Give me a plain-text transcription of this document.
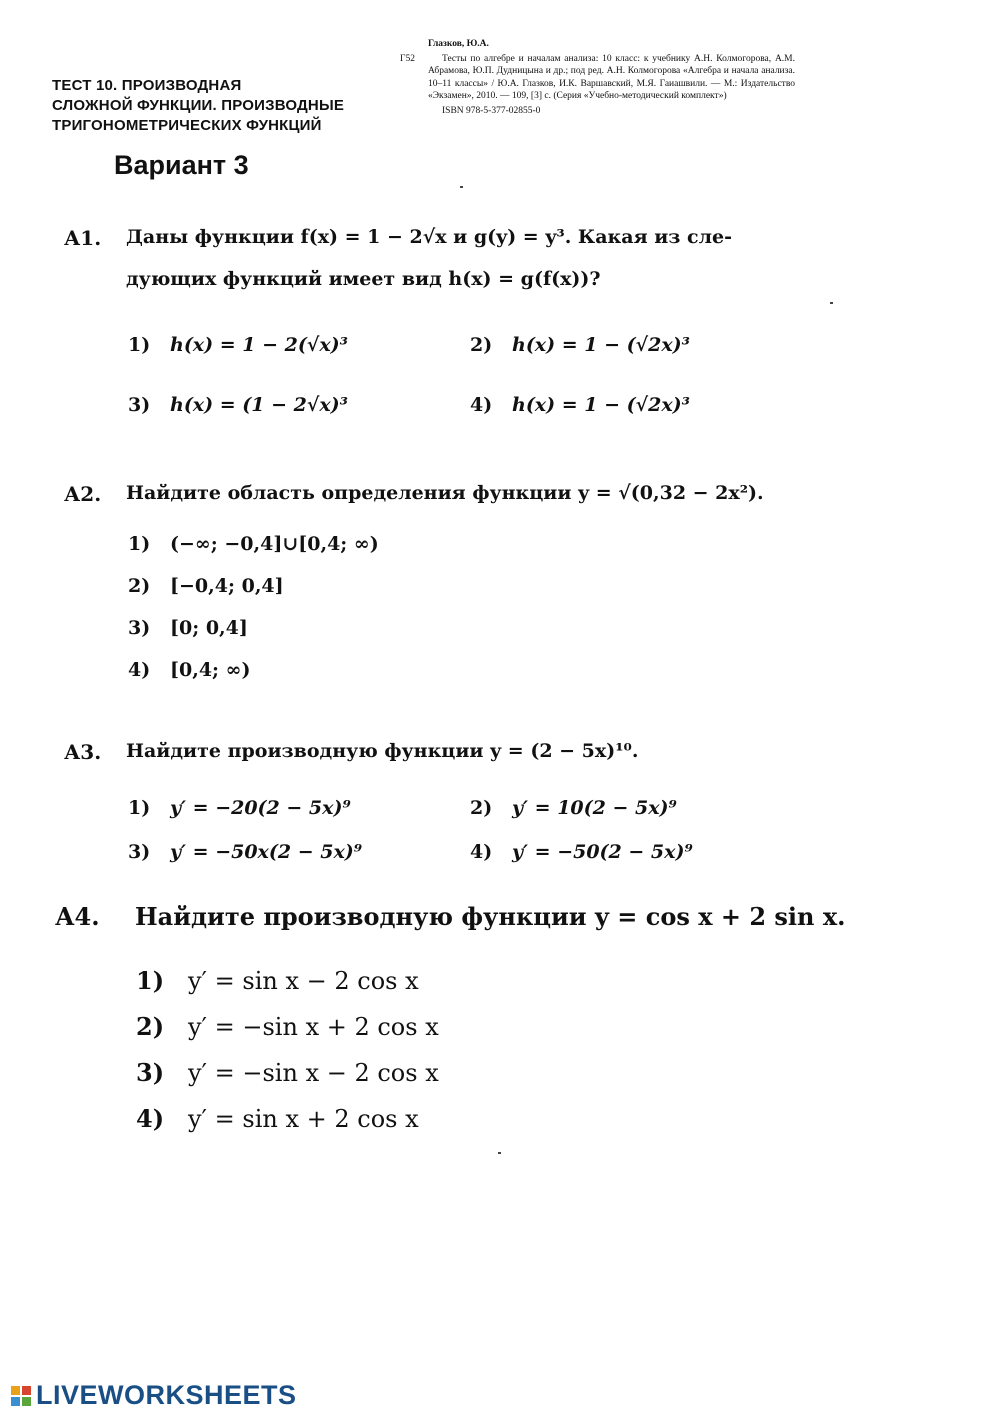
ТЕСТ 10. ПРОИЗВОДНАЯ
СЛОЖНОЙ ФУНКЦИИ. ПРОИЗВОДНЫЕ
ТРИГОНОМЕТРИЧЕСКИХ ФУНКЦИЙ
Глазков, Ю.А.
Г52	Тесты по алгебре и началам анализа: 10 класс: к учебнику А.Н. Колмогорова, А.М. Абрамова, Ю.П. Дудницына и др.; под ред. А.Н. Колмогорова «Алгебра и начала анализа. 10–11 классы» / Ю.А. Глазков, И.К. Варшавский, М.Я. Гаиашвили. — М.: Издательство «Экзамен», 2010. — 109, [3] с. (Серия «Учебно-методический комплект»)
ISBN 978-5-377-02855-0
Вариант 3
А1. Даны функции f(x) = 1 − 2√x и g(y) = y³. Какая из сле-
дующих функций имеет вид h(x) = g(f(x))?
1) h(x) = 1 − 2(√x)³	2) h(x) = 1 − (√2x)³
3) h(x) = (1 − 2√x)³	4) h(x) = 1 − (√2x)³
А2. Найдите область определения функции y = √(0,32 − 2x²).
1) (−∞; −0,4]∪[0,4; ∞)
2) [−0,4; 0,4]
3) [0; 0,4]
4) [0,4; ∞)
А3. Найдите производную функции y = (2 − 5x)¹⁰.
1) y′ = −20(2 − 5x)⁹	2) y′ = 10(2 − 5x)⁹
3) y′ = −50x(2 − 5x)⁹	4) y′ = −50(2 − 5x)⁹
А4. Найдите производную функции y = cos x + 2 sin x.
1) y′ = sin x − 2 cos x
2) y′ = −sin x + 2 cos x
3) y′ = −sin x − 2 cos x
4) y′ = sin x + 2 cos x
LIVEWORKSHEETS
